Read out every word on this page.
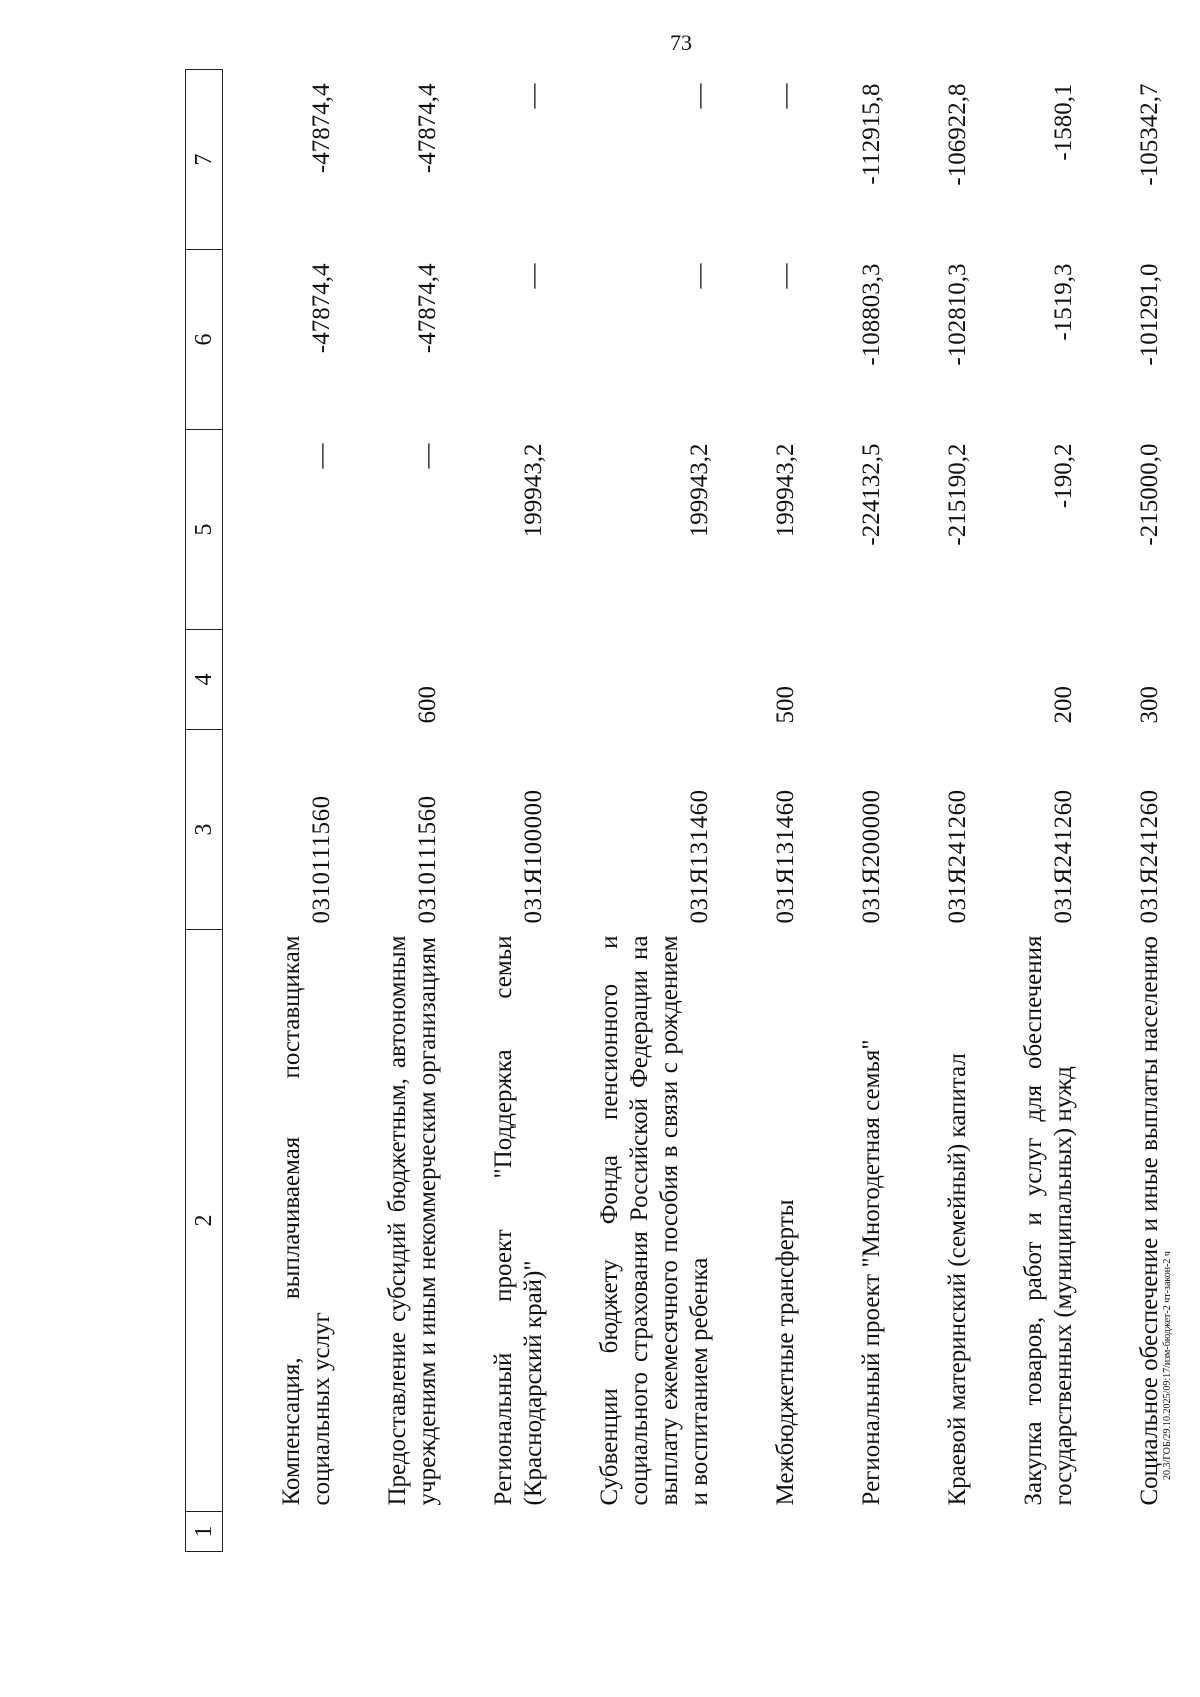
73
1	2	3	4	5	6	7
	Компенсация, выплачиваемая поставщикам социальных услуг	0310111560		—	-47874,4	-47874,4
	Предоставление субсидий бюджетным, автономным учреждениям и иным некоммерческим организациям	0310111560	600	—	-47874,4	-47874,4
	Региональный проект "Поддержка семьи (Краснодарский край)"	031Я100000		199943,2	—	—
	Субвенции бюджету Фонда пенсионного и социального страхования Российской Федерации на выплату ежемесячного пособия в связи с рождением и воспитанием ребенка	031Я131460		199943,2	—	—
	Межбюджетные трансферты	031Я131460	500	199943,2	—	—
	Региональный проект "Многодетная семья"	031Я200000		-224132,5	-108803,3	-112915,8
	Краевой материнский (семейный) капитал	031Я241260		-215190,2	-102810,3	-106922,8
	Закупка товаров, работ и услуг для обеспечения государственных (муниципальных) нужд	031Я241260	200	-190,2	-1519,3	-1580,1
	Социальное обеспечение и иные выплаты населению	031Я241260	300	-215000,0	-101291,0	-105342,7
20.3/ГОБ/29.10.2025/09:17/изм-бюджет-2 чт-закон-2 ч
